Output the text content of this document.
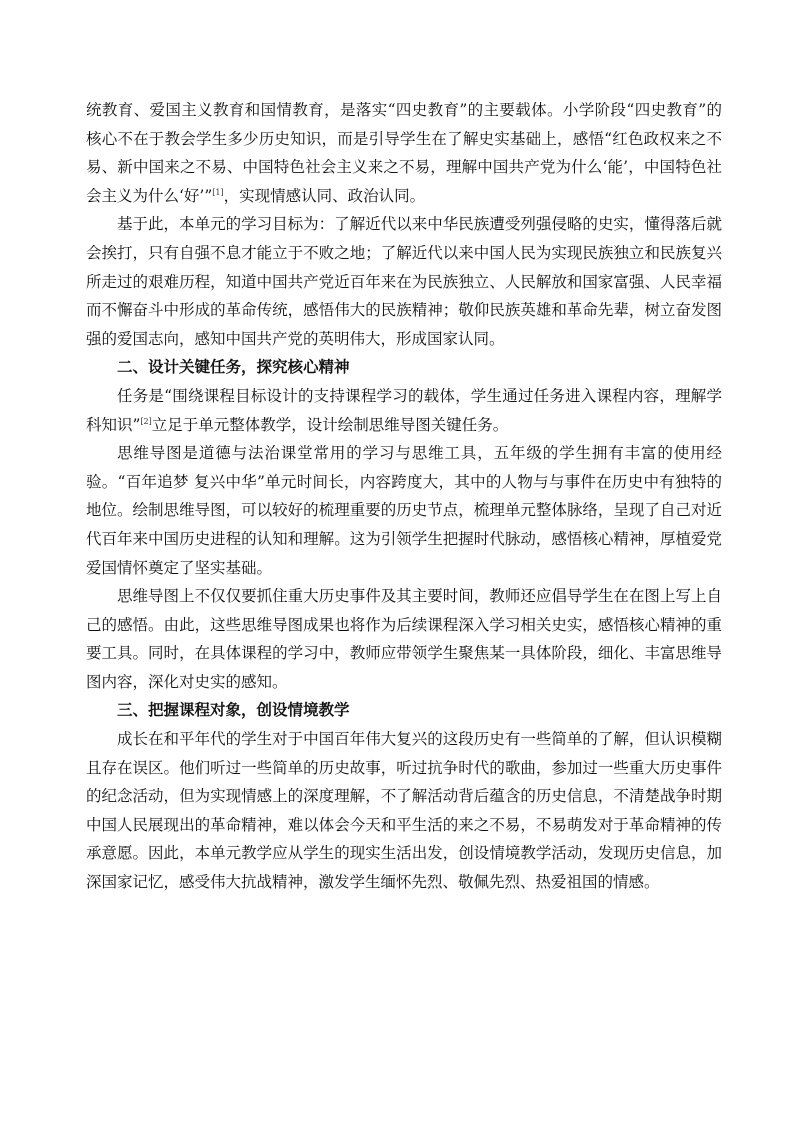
统教育、爱国主义教育和国情教育，是落实“四史教育”的主要载体。小学阶段“四史教育”的核心不在于教会学生多少历史知识，而是引导学生在了解史实基础上，感悟“红色政权来之不易、新中国来之不易、中国特色社会主义来之不易，理解中国共产党为什么‘能’，中国特色社会主义为什么‘好’”[1]，实现情感认同、政治认同。

基于此，本单元的学习目标为：了解近代以来中华民族遭受列强侵略的史实，懂得落后就会挨打，只有自强不息才能立于不败之地；了解近代以来中国人民为实现民族独立和民族复兴所走过的艰难历程，知道中国共产党近百年来在为民族独立、人民解放和国家富强、人民幸福而不懈奋斗中形成的革命传统，感悟伟大的民族精神；敬仰民族英雄和革命先辈，树立奋发图强的爱国志向，感知中国共产党的英明伟大，形成国家认同。

二、设计关键任务，探究核心精神

任务是“围绕课程目标设计的支持课程学习的载体，学生通过任务进入课程内容，理解学科知识”[2]立足于单元整体教学，设计绘制思维导图关键任务。

思维导图是道德与法治课堂常用的学习与思维工具，五年级的学生拥有丰富的使用经验。“百年追梦 复兴中华”单元时间长，内容跨度大，其中的人物与与事件在历史中有独特的地位。绘制思维导图，可以较好的梳理重要的历史节点，梳理单元整体脉络，呈现了自己对近代百年来中国历史进程的认知和理解。这为引领学生把握时代脉动，感悟核心精神，厚植爱党爱国情怀奠定了坚实基础。

思维导图上不仅仅要抓住重大历史事件及其主要时间，教师还应倡导学生在在图上写上自己的感悟。由此，这些思维导图成果也将作为后续课程深入学习相关史实，感悟核心精神的重要工具。同时，在具体课程的学习中，教师应带领学生聚焦某一具体阶段，细化、丰富思维导图内容，深化对史实的感知。

三、把握课程对象，创设情境教学

成长在和平年代的学生对于中国百年伟大复兴的这段历史有一些简单的了解，但认识模糊且存在误区。他们听过一些简单的历史故事，听过抗争时代的歌曲，参加过一些重大历史事件的纪念活动，但为实现情感上的深度理解，不了解活动背后蕴含的历史信息，不清楚战争时期中国人民展现出的革命精神，难以体会今天和平生活的来之不易，不易萌发对于革命精神的传承意愿。因此，本单元教学应从学生的现实生活出发，创设情境教学活动，发现历史信息，加深国家记忆，感受伟大抗战精神，激发学生缅怀先烈、敬佩先烈、热爱祖国的情感。
